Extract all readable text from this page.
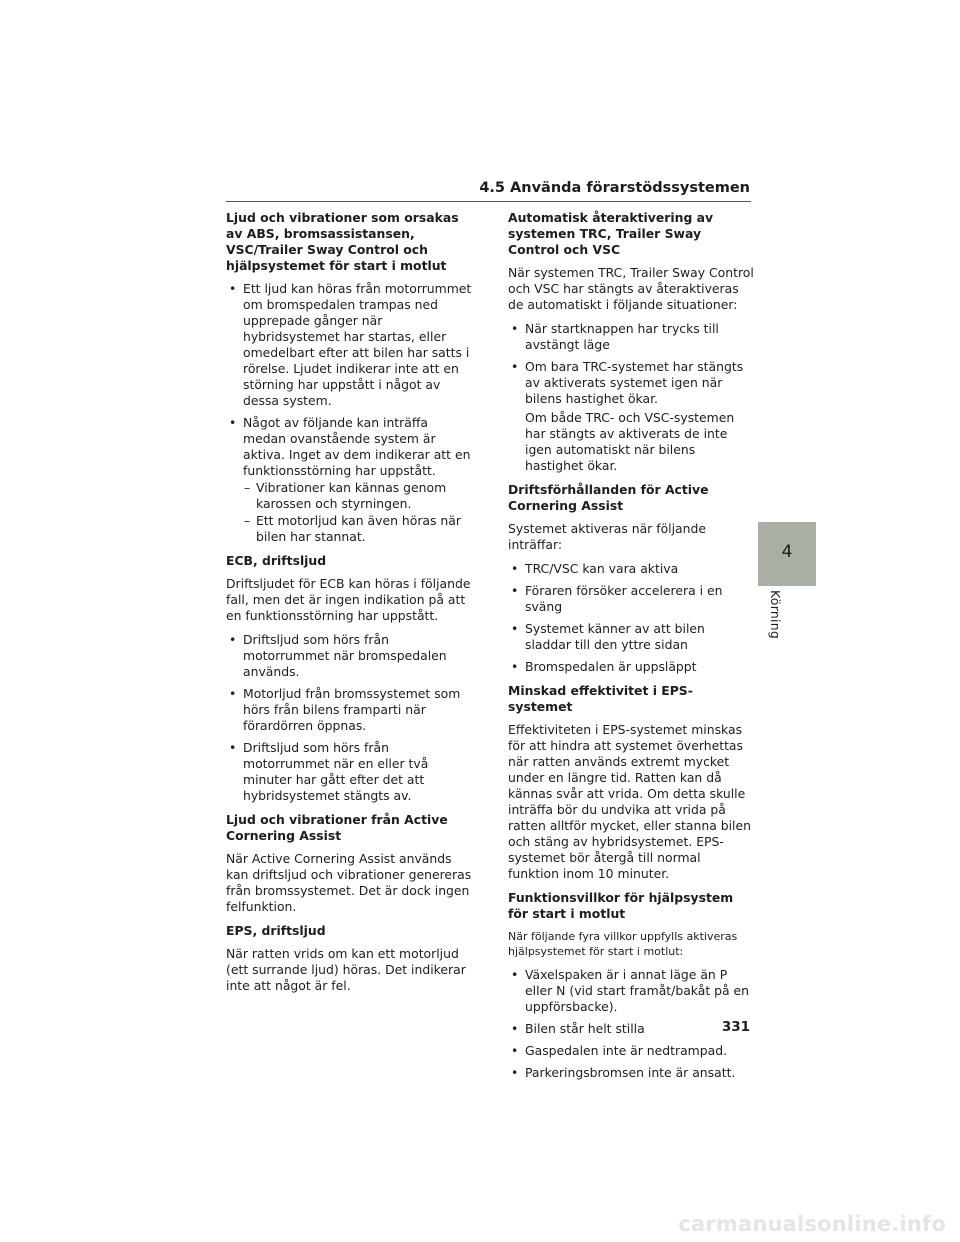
4.5 Använda förarstödssystemen
Ljud och vibrationer som orsakas av ABS, bromsassistansen, VSC/Trailer Sway Control och hjälpsystemet för start i motlut
• Ett ljud kan höras från motorrummet om bromspedalen trampas ned upprepade gånger när hybridsystemet har startas, eller omedelbart efter att bilen har satts i rörelse. Ljudet indikerar inte att en störning har uppstått i något av dessa system.
• Något av följande kan inträffa medan ovanstående system är aktiva. Inget av dem indikerar att en funktionsstörning har uppstått.
– Vibrationer kan kännas genom karossen och styrningen.
– Ett motorljud kan även höras när bilen har stannat.
ECB, driftsljud

Driftsljudet för ECB kan höras i följande fall, men det är ingen indikation på att en funktionsstörning har uppstått.

• Driftsljud som hörs från motorrummet när bromspedalen används.
• Motorljud från bromssystemet som hörs från bilens framparti när förardörren öppnas.
• Driftsljud som hörs från motorrummet när en eller två minuter har gått efter det att hybridsystemet stängts av.
Ljud och vibrationer från Active Cornering Assist

När Active Cornering Assist används kan driftsljud och vibrationer genereras från bromssystemet. Det är dock ingen felfunktion.

EPS, driftsljud

När ratten vrids om kan ett motorljud (ett surrande ljud) höras. Det indikerar inte att något är fel.

Automatisk återaktivering av systemen TRC, Trailer Sway Control och VSC

När systemen TRC, Trailer Sway Control och VSC har stängts av återaktiveras de automatiskt i följande situationer:

• När startknappen har trycks till avstängt läge
• Om bara TRC-systemet har stängts av aktiverats systemet igen när bilens hastighet ökar.
Om både TRC- och VSC-systemen har stängts av aktiverats de inte igen automatiskt när bilens hastighet ökar.
Driftsförhållanden för Active Cornering Assist

Systemet aktiveras när följande inträffar:

• TRC/VSC kan vara aktiva
• Föraren försöker accelerera i en sväng
• Systemet känner av att bilen sladdar till den yttre sidan
• Bromspedalen är uppsläppt
Minskad effektivitet i EPS-systemet

Effektiviteten i EPS-systemet minskas för att hindra att systemet överhettas när ratten används extremt mycket under en längre tid. Ratten kan då kännas svår att vrida. Om detta skulle inträffa bör du undvika att vrida på ratten alltför mycket, eller stanna bilen och stäng av hybridsystemet. EPS-systemet bör återgå till normal funktion inom 10 minuter.

Funktionsvillkor för hjälpsystem för start i motlut

När följande fyra villkor uppfylls aktiveras hjälpsystemet för start i motlut:

• Växelspaken är i annat läge än P eller N (vid start framåt/bakåt på en uppförsbacke).
• Bilen står helt stilla
• Gaspedalen inte är nedtrampad.
• Parkeringsbromsen inte är ansatt.
4
Körning
331
carmanualsonline.info
